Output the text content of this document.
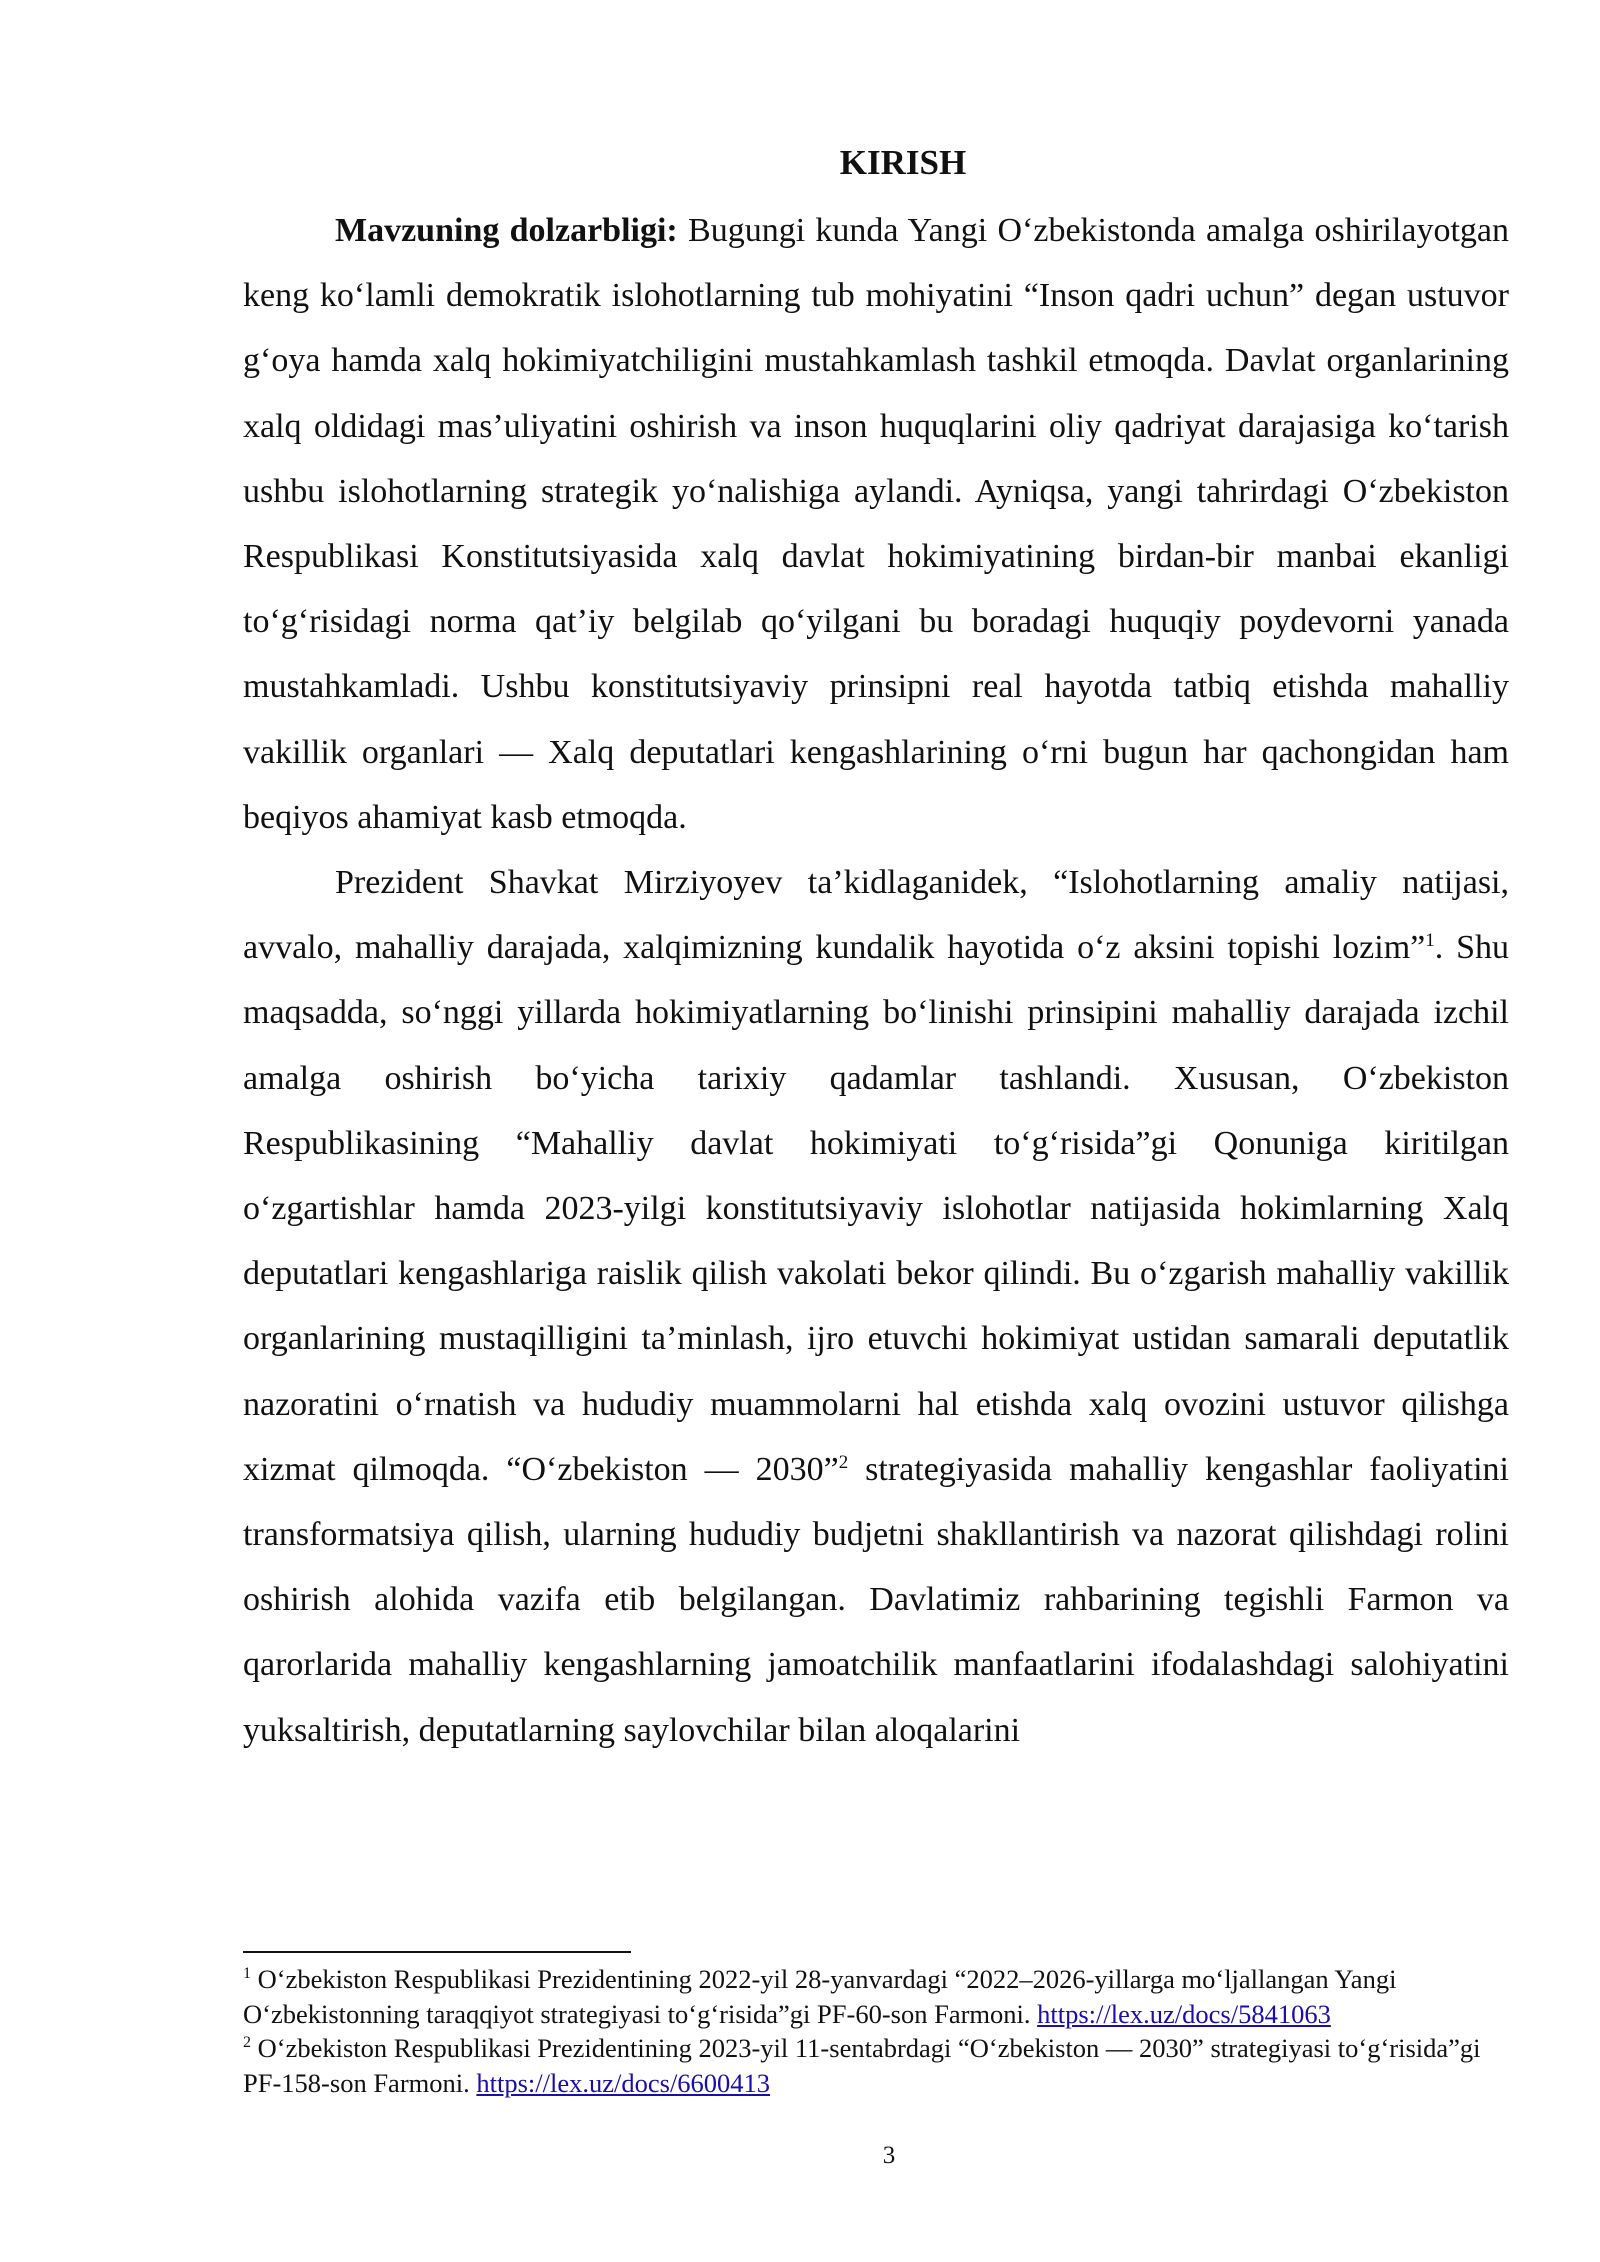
KIRISH

Mavzuning dolzarbligi: Bugungi kunda Yangi O‘zbekistonda amalga oshirilayotgan keng ko‘lamli demokratik islohotlarning tub mohiyatini “Inson qadri uchun” degan ustuvor g‘oya hamda xalq hokimiyatchiligini mustahkamlash tashkil etmoqda. Davlat organlarining xalq oldidagi mas’uliyatini oshirish va inson huquqlarini oliy qadriyat darajasiga ko‘tarish ushbu islohotlarning strategik yo‘nalishiga aylandi. Ayniqsa, yangi tahrirdagi O‘zbekiston Respublikasi Konstitutsiyasida xalq davlat hokimiyatining birdan-bir manbai ekanligi to‘g‘risidagi norma qat’iy belgilab qo‘yilgani bu boradagi huquqiy poydevorni yanada mustahkamladi. Ushbu konstitutsiyaviy prinsipni real hayotda tatbiq etishda mahalliy vakillik organlari — Xalq deputatlari kengashlarining o‘rni bugun har qachongidan ham beqiyos ahamiyat kasb etmoqda.

Prezident Shavkat Mirziyoyev ta’kidlaganidek, “Islohotlarning amaliy natijasi, avvalo, mahalliy darajada, xalqimizning kundalik hayotida o‘z aksini topishi lozim”$^1$. Shu maqsadda, so‘nggi yillarda hokimiyatlarning bo‘linishi prinsipini mahalliy darajada izchil amalga oshirish bo‘yicha tarixiy qadamlar tashlandi. Xususan, O‘zbekiston Respublikasining “Mahalliy davlat hokimiyati to‘g‘risida”gi Qonuniga kiritilgan o‘zgartishlar hamda 2023-yilgi konstitutsiyaviy islohotlar natijasida hokimlarning Xalq deputatlari kengashlariga raislik qilish vakolati bekor qilindi. Bu o‘zgarish mahalliy vakillik organlarining mustaqilligini ta’minlash, ijro etuvchi hokimiyat ustidan samarali deputatlik nazoratini o‘rnatish va hududiy muammolarni hal etishda xalq ovozini ustuvor qilishga xizmat qilmoqda. “O‘zbekiston — 2030”$^2$ strategiyasida mahalliy kengashlar faoliyatini transformatsiya qilish, ularning hududiy budjetni shakllantirish va nazorat qilishdagi rolini oshirish alohida vazifa etib belgilangan. Davlatimiz rahbarining tegishli Farmon va qarorlarida mahalliy kengashlarning jamoatchilik manfaatlarini ifodalashdagi salohiyatini yuksaltirish, deputatlarning saylovchilar bilan aloqalarini

$^1$ O‘zbekiston Respublikasi Prezidentining 2022-yil 28-yanvardagi “2022–2026-yillarga mo‘ljallangan Yangi O‘zbekistonning taraqqiyot strategiyasi to‘g‘risida”gi PF-60-son Farmoni. https://lex.uz/docs/5841063

$^2$ O‘zbekiston Respublikasi Prezidentining 2023-yil 11-sentabrdagi “O‘zbekiston — 2030” strategiyasi to‘g‘risida”gi PF-158-son Farmoni. https://lex.uz/docs/6600413

3
